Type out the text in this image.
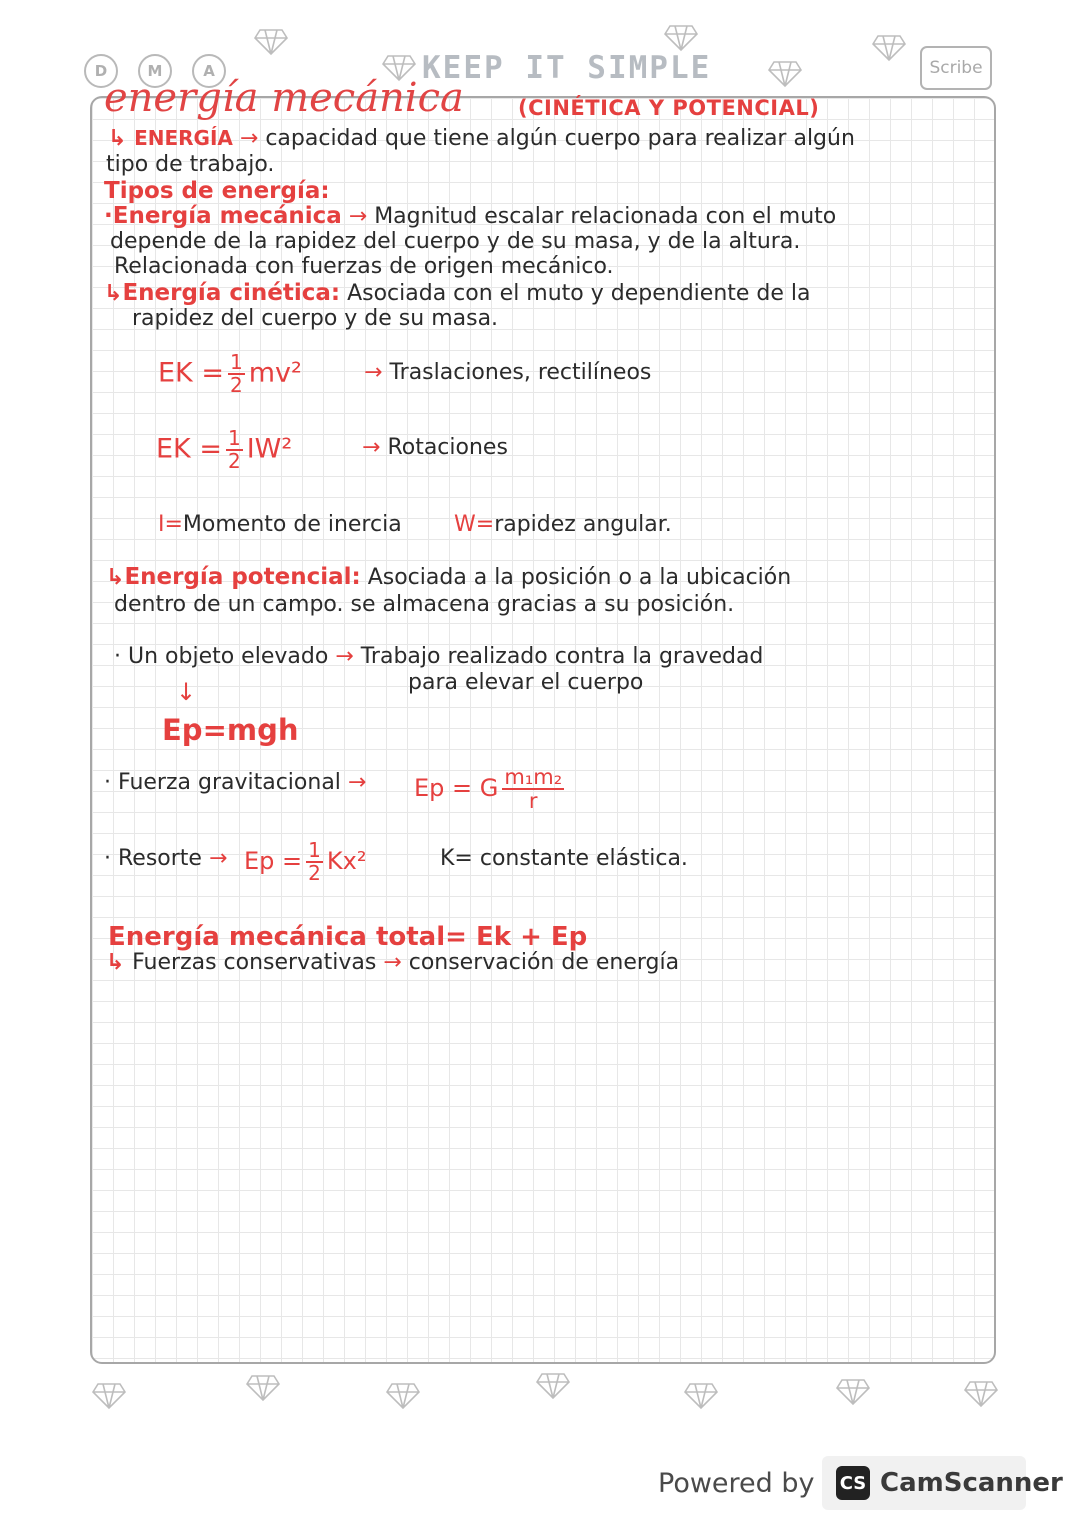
D	M	A	KEEP IT SIMPLE	Scribe
energía mecánica	(CINÉTICA Y POTENCIAL)
↳ ENERGÍA → capacidad que tiene algún cuerpo para realizar algún
tipo de trabajo.
Tipos de energía:
·Energía mecánica → Magnitud escalar relacionada con el muto
depende de la rapidez del cuerpo y de su masa, y de la altura.
Relacionada con fuerzas de origen mecánico.
↳Energía cinética: Asociada con el muto y dependiente de la
rapidez del cuerpo y de su masa.
EK = $\frac{1}{2} mv^2$	→ Traslaciones, rectilíneos
EK = $\frac{1}{2} IW^2$	→ Rotaciones
I=Momento de inercia W=rapidez angular.
↳Energía potencial: Asociada a la posición o a la ubicación
dentro de un campo. se almacena gracias a su posición.
· Un objeto elevado → Trabajo realizado contra la gravedad
para elevar el cuerpo
↓
Ep=mgh
· Fuerza gravitacional → Ep = G $\frac{\text{m₁m₂}}{r}$
· Resorte → $Ep = \frac{1}{2} Kx^2$	K= constante elástica.
Energía mecánica total= Ek + Ep
↳ Fuerzas conservativas → conservación de energía
Powered by CS CamScanner
